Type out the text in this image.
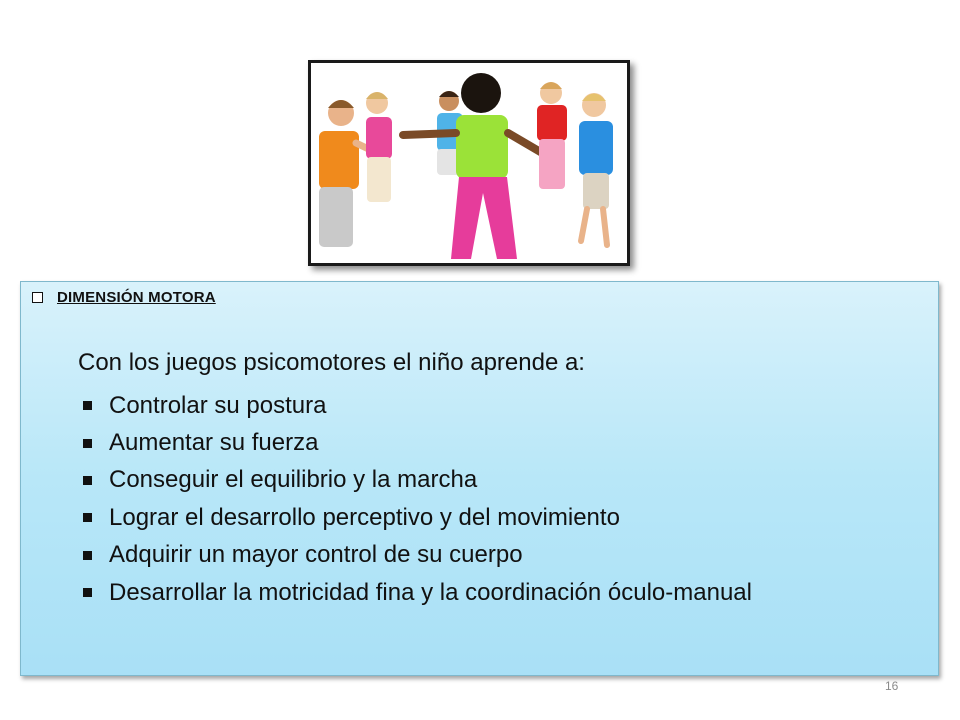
DIMENSIÓN MOTORA
Con los juegos psicomotores el niño aprende a:
Controlar su postura
Aumentar su fuerza
Conseguir el equilibrio y la marcha
Lograr el desarrollo perceptivo y del movimiento
Adquirir un mayor control de su cuerpo
Desarrollar la motricidad fina y la coordinación óculo-manual
16
